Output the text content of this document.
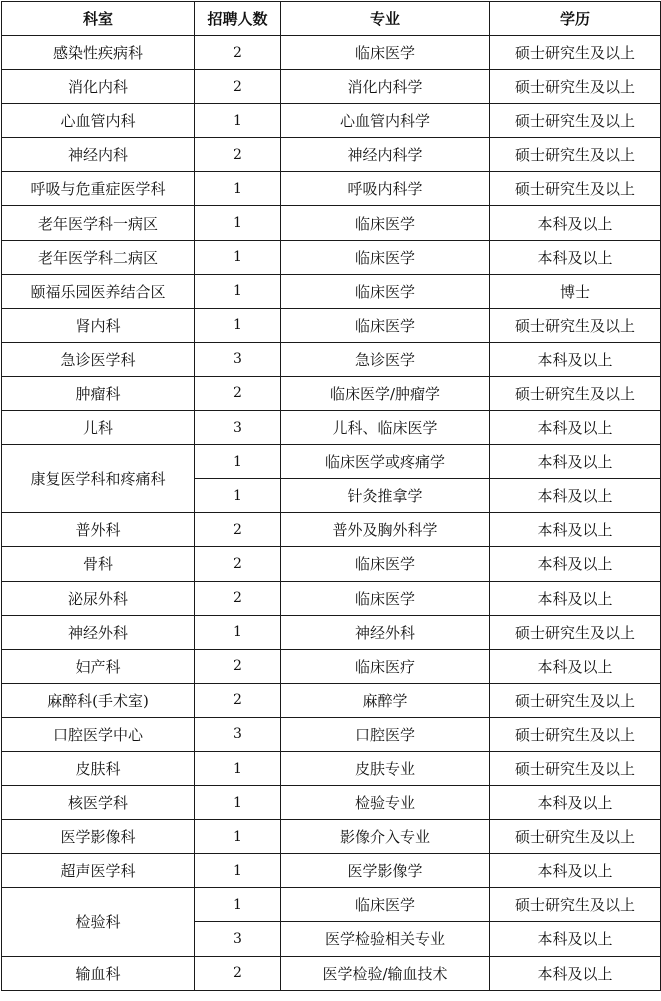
科室	招聘人数	专业	学历
感染性疾病科	2	临床医学	硕士研究生及以上
消化内科	2	消化内科学	硕士研究生及以上
心血管内科	1	心血管内科学	硕士研究生及以上
神经内科	2	神经内科学	硕士研究生及以上
呼吸与危重症医学科	1	呼吸内科学	硕士研究生及以上
老年医学科一病区	1	临床医学	本科及以上
老年医学科二病区	1	临床医学	本科及以上
颐福乐园医养结合区	1	临床医学	博士
肾内科	1	临床医学	硕士研究生及以上
急诊医学科	3	急诊医学	本科及以上
肿瘤科	2	临床医学/肿瘤学	硕士研究生及以上
儿科	3	儿科、临床医学	本科及以上
康复医学科和疼痛科	1	临床医学或疼痛学	本科及以上
	1	针灸推拿学	本科及以上
普外科	2	普外及胸外科学	本科及以上
骨科	2	临床医学	本科及以上
泌尿外科	2	临床医学	本科及以上
神经外科	1	神经外科	硕士研究生及以上
妇产科	2	临床医疗	本科及以上
麻醉科(手术室)	2	麻醉学	硕士研究生及以上
口腔医学中心	3	口腔医学	硕士研究生及以上
皮肤科	1	皮肤专业	硕士研究生及以上
核医学科	1	检验专业	本科及以上
医学影像科	1	影像介入专业	硕士研究生及以上
超声医学科	1	医学影像学	本科及以上
检验科	1	临床医学	硕士研究生及以上
	3	医学检验相关专业	本科及以上
输血科	2	医学检验/输血技术	本科及以上
